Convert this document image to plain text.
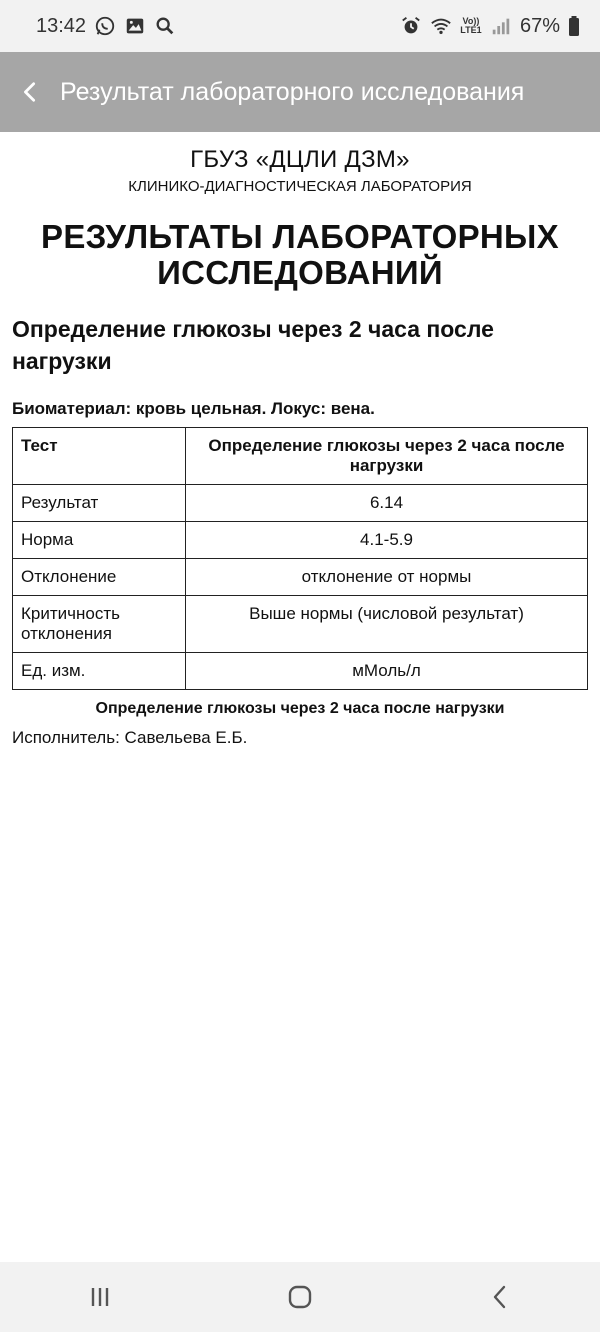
13:42	Vo))
LTE1 67%
Результат лабораторного исследования
ГБУЗ «ДЦЛИ ДЗМ»
КЛИНИКО-ДИАГНОСТИЧЕСКАЯ ЛАБОРАТОРИЯ
РЕЗУЛЬТАТЫ ЛАБОРАТОРНЫХ
ИССЛЕДОВАНИЙ
Определение глюкозы через 2 часа после нагрузки
Биоматериал: кровь цельная. Локус: вена.
Тест	Определение глюкозы через 2 часа после нагрузки
Результат	6.14
Норма	4.1-5.9
Отклонение	отклонение от нормы
Критичность отклонения	Выше нормы (числовой результат)
Ед. изм.	мМоль/л
Определение глюкозы через 2 часа после нагрузки
Исполнитель: Савельева Е.Б.
